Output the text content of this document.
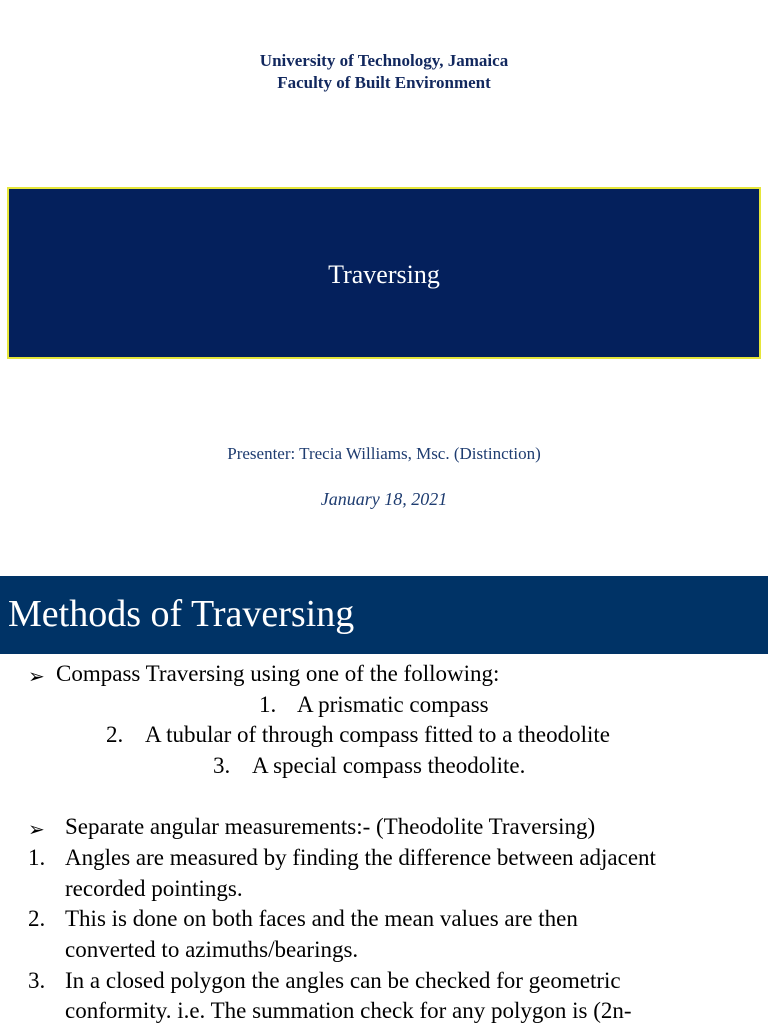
University of Technology, Jamaica
Faculty of Built Environment
Traversing
Presenter: Trecia Williams, Msc. (Distinction)
January 18, 2021
Methods of Traversing
➢ Compass Traversing using one of the following:
1. A prismatic compass
2. A tubular of through compass fitted to a theodolite
3. A special compass theodolite.
➢ Separate angular measurements:- (Theodolite Traversing)
1. Angles are measured by finding the difference between adjacent
recorded pointings.
2. This is done on both faces and the mean values are then
converted to azimuths/bearings.
3. In a closed polygon the angles can be checked for geometric
conformity. i.e. The summation check for any polygon is (2n-
